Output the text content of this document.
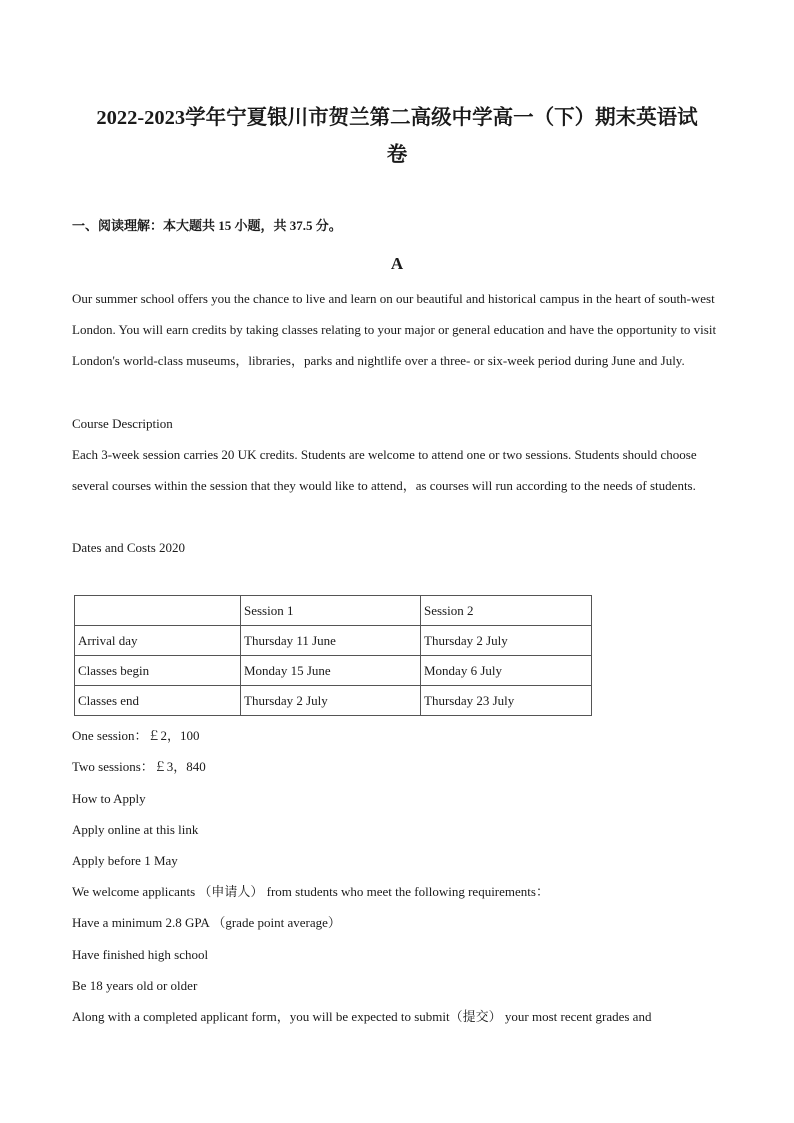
2022-2023学年宁夏银川市贺兰第二高级中学高一（下）期末英语试
卷
一、阅读理解：本大题共 15 小题，共 37.5 分。
A
Our summer school offers you the chance to live and learn on our beautiful and historical campus in the heart of south-west London. You will earn credits by taking classes relating to your major or general education and have the opportunity to visit London's world-class museums，libraries，parks and nightlife over a three- or six-week period during June and July.
Course Description
Each 3-week session carries 20 UK credits. Students are welcome to attend one or two sessions. Students should choose several courses within the session that they would like to attend，as courses will run according to the needs of students.
Dates and Costs 2020
	Session 1	Session 2
Arrival day	Thursday 11 June	Thursday 2 July
Classes begin	Monday 15 June	Monday 6 July
Classes end	Thursday 2 July	Thursday 23 July
One session：￡2，100
Two sessions：￡3，840
How to Apply
Apply online at this link
Apply before 1 May
We welcome applicants （申请人） from students who meet the following requirements：
Have a minimum 2.8 GPA （grade point average）
Have finished high school
Be 18 years old or older
Along with a completed applicant form，you will be expected to submit（提交） your most recent grades and
